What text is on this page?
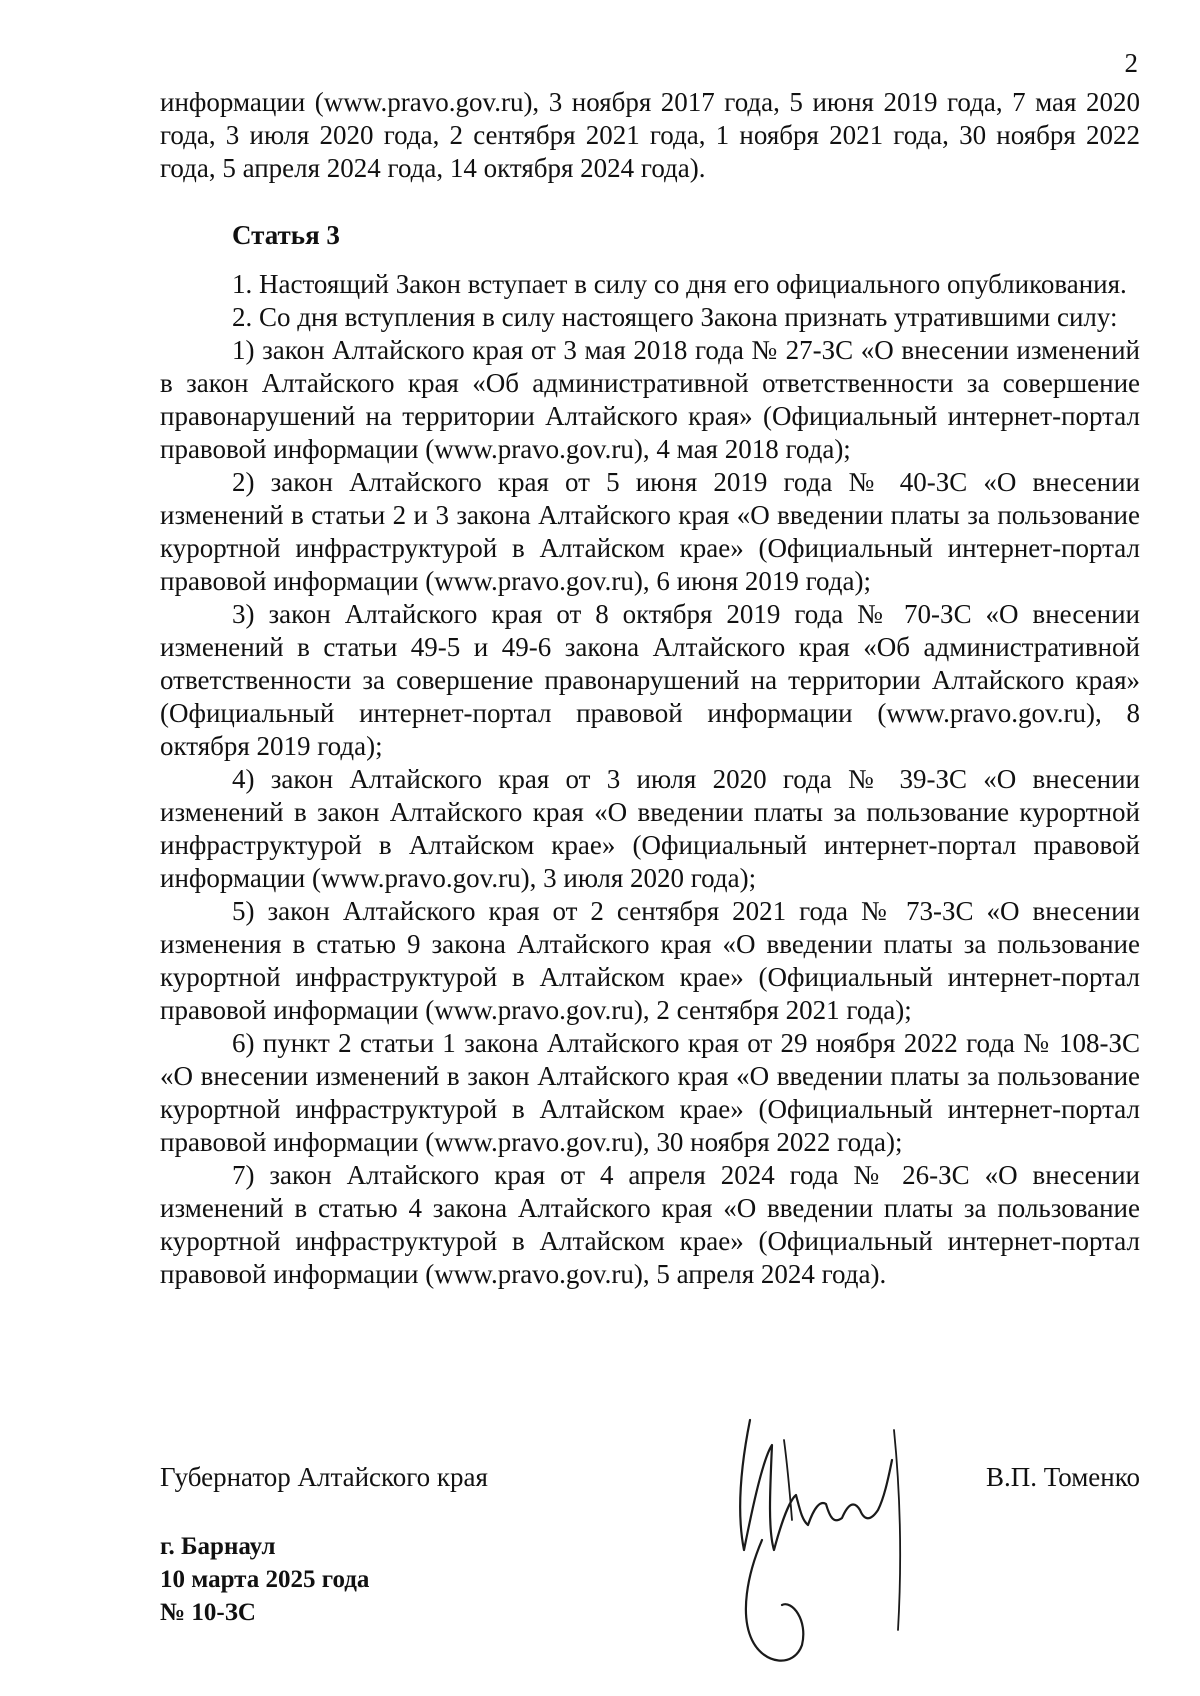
2

информации (www.pravo.gov.ru), 3 ноября 2017 года, 5 июня 2019 года, 7 мая 2020 года, 3 июля 2020 года, 2 сентября 2021 года, 1 ноября 2021 года, 30 ноября 2022 года, 5 апреля 2024 года, 14 октября 2024 года).

Статья 3

1. Настоящий Закон вступает в силу со дня его официального опубликования.

2. Со дня вступления в силу настоящего Закона признать утратившими силу:

1) закон Алтайского края от 3 мая 2018 года № 27-ЗС «О внесении изменений в закон Алтайского края «Об административной ответственности за совершение правонарушений на территории Алтайского края» (Официальный интернет-портал правовой информации (www.pravo.gov.ru), 4 мая 2018 года);

2) закон Алтайского края от 5 июня 2019 года № 40-ЗС «О внесении изменений в статьи 2 и 3 закона Алтайского края «О введении платы за пользование курортной инфраструктурой в Алтайском крае» (Официальный интернет-портал правовой информации (www.pravo.gov.ru), 6 июня 2019 года);

3) закон Алтайского края от 8 октября 2019 года № 70-ЗС «О внесении изменений в статьи 49-5 и 49-6 закона Алтайского края «Об административной ответственности за совершение правонарушений на территории Алтайского края» (Официальный интернет-портал правовой информации (www.pravo.gov.ru), 8 октября 2019 года);

4) закон Алтайского края от 3 июля 2020 года № 39-ЗС «О внесении изменений в закон Алтайского края «О введении платы за пользование курортной инфраструктурой в Алтайском крае» (Официальный интернет-портал правовой информации (www.pravo.gov.ru), 3 июля 2020 года);

5) закон Алтайского края от 2 сентября 2021 года № 73-ЗС «О внесении изменения в статью 9 закона Алтайского края «О введении платы за пользование курортной инфраструктурой в Алтайском крае» (Официальный интернет-портал правовой информации (www.pravo.gov.ru), 2 сентября 2021 года);

6) пункт 2 статьи 1 закона Алтайского края от 29 ноября 2022 года № 108-ЗС «О внесении изменений в закон Алтайского края «О введении платы за пользование курортной инфраструктурой в Алтайском крае» (Официальный интернет-портал правовой информации (www.pravo.gov.ru), 30 ноября 2022 года);

7) закон Алтайского края от 4 апреля 2024 года № 26-ЗС «О внесении изменений в статью 4 закона Алтайского края «О введении платы за пользование курортной инфраструктурой в Алтайском крае» (Официальный интернет-портал правовой информации (www.pravo.gov.ru), 5 апреля 2024 года).

Губернатор Алтайского края	В.П. Томенко
г. Барнаул
10 марта 2025 года
№ 10-ЗС
